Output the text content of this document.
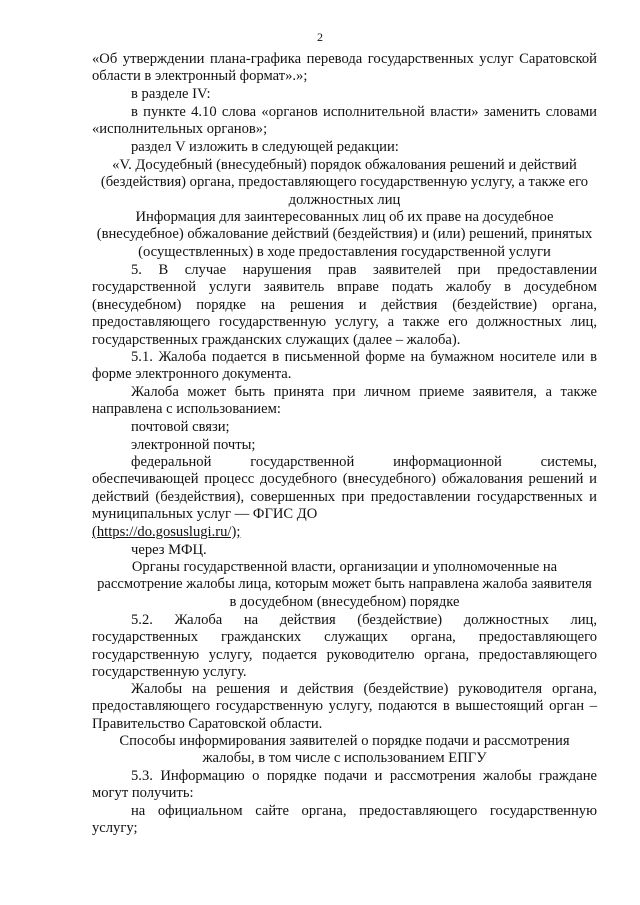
2
«Об утверждении плана-графика перевода государственных услуг Саратовской области в электронный формат».»;
в разделе IV:
в пункте 4.10 слова «органов исполнительной власти» заменить словами «исполнительных органов»;
раздел V изложить в следующей редакции:
«V. Досудебный (внесудебный) порядок обжалования решений и действий (бездействия) органа, предоставляющего государственную услугу, а также его должностных лиц
Информация для заинтересованных лиц об их праве на досудебное (внесудебное) обжалование действий (бездействия) и (или) решений, принятых (осуществленных) в ходе предоставления государственной услуги
5. В случае нарушения прав заявителей при предоставлении государственной услуги заявитель вправе подать жалобу в досудебном (внесудебном) порядке на решения и действия (бездействие) органа, предоставляющего государственную услугу, а также его должностных лиц, государственных гражданских служащих (далее – жалоба).
5.1. Жалоба подается в письменной форме на бумажном носителе или в форме электронного документа.
Жалоба может быть принята при личном приеме заявителя, а также направлена с использованием:
почтовой связи;
электронной почты;
федеральной государственной информационной системы, обеспечивающей процесс досудебного (внесудебного) обжалования решений и действий (бездействия), совершенных при предоставлении государственных и муниципальных услуг — ФГИС ДО
(https://do.gosuslugi.ru/);
через МФЦ.
Органы государственной власти, организации и уполномоченные на рассмотрение жалобы лица, которым может быть направлена жалоба заявителя в досудебном (внесудебном) порядке
5.2. Жалоба на действия (бездействие) должностных лиц, государственных гражданских служащих органа, предоставляющего государственную услугу, подается руководителю органа, предоставляющего государственную услугу.
Жалобы на решения и действия (бездействие) руководителя органа, предоставляющего государственную услугу, подаются в вышестоящий орган – Правительство Саратовской области.
Способы информирования заявителей о порядке подачи и рассмотрения жалобы, в том числе с использованием ЕПГУ
5.3. Информацию о порядке подачи и рассмотрения жалобы граждане могут получить:
на официальном сайте органа, предоставляющего государственную услугу;
